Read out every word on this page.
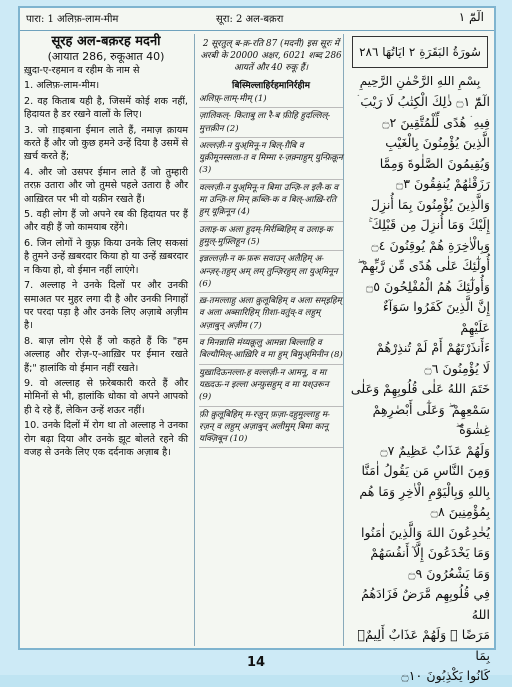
पारा: 1 अलिफ़-लाम-मीम	सूरा: 2 अल-बक़रा	الٓمّٓ ١

सूरह अल-बक़रह मदनी

(आयात 286, रुकूआत 40)

ख़ुदा-ए-रहमान व रहीम के नाम से

1. अलिफ़-लाम-मीम।

2. वह किताब यही है, जिसमें कोई शक नहीं, हिदायत है डर रखने वालों के लिए।

3. जो ग़ाइबाना ईमान लाते हैं, नमाज़ क़ायम करते हैं और जो कुछ हमने उन्हें दिया है उसमें से ख़र्च करते हैं;

4. और जो उसपर ईमान लाते हैं जो तुम्हारी तरफ़ उतारा और जो तुमसे पहले उतारा है और आख़िरत पर भी वो यक़ीन रखते हैं।

5. वही लोग हैं जो अपने रब की हिदायत पर हैं और वही हैं जो कामयाब रहेंगे।

6. जिन लोगों ने कुफ़्र किया उनके लिए सकसां है तुमने उन्हें ख़बरदार किया हो या उन्हें ख़बरदार न किया हो, वो ईमान नहीं लाएंगे।

7. अल्लाह ने उनके दिलों पर और उनकी समाअत पर मुहर लगा दी है और उनकी निगाहों पर परदा पड़ा है और उनके लिए अज़ाबे अज़ीम है।

8. बाज़ लोग ऐसे हैं जो कहते हैं कि "हम अल्लाह और रोज़-ए-आख़िर पर ईमान रखते हैं;" हालांकि वो ईमान नहीं रखते।

9. वो अल्लाह से फ़रेबकारी करते हैं और मोमिनों से भी, हालांकि धोका वो अपने आपको ही दे रहे हैं, लेकिन उन्हें शऊर नहीं।

10. उनके दिलों में रोग था तो अल्लाह ने उनका रोग बढ़ा दिया और उनके झूट बोलते रहने की वजह से उनके लिए एक दर्दनाक अज़ाब है।

2 सूरतुल् ब-क़-रति 87 (मदनी) इस सूरः में अरबी के 20000 अक्षर, 6021 शब्द 286 आयतें और 40 रुकू हैं।

बिस्मिल्लाहिर्रहमानिर्रहीम

अलिफ़्-लाम्-मीम् (1)

ज़ालिकल्- किताबु ला रै-ब फ़ीहि हुदल्लिल्- मुत्तक़ीन (2)

अल्लज़ी-न युअ्मिनू-न बिल्-ग़ैबि व युक़ीमूनस्सला-त व मिम्मा र-ज़क़्नाहुम् युन्फ़िक़ून (3)

वल्लज़ी-न युअ्मिनू-न बिमा उन्ज़ि-ल इलै-क व मा उन्ज़ि-ल मिन् क़ब्लि-क व बिल्-आख़ि-रति हुम् यूक़िनून (4)

उलाइ-क अला हुदम्-मिर्रब्बिहिम् व उलाइ-क हुमुल्-मुफ़्लिहून (5)

इन्नल्लज़ी-न क-फ़रू सवाउन् अलैहिम् अ-अन्ज़र्-तहुम् अम् लम् तुन्ज़िरहुम् ला युअ्मिनून (6)

ख़-तमल्लाहु अला क़ुलूबिहिम् व अला सम्इहिम् व अला अब्सारिहिम् ग़िशा-वतुंव्-व लहुम् अज़ाबुन् अज़ीम (7)

व मिनन्नासि मंय्यक़ूलु आमन्ना बिल्लाहि व बिल्यौमिल्-आख़िरि व मा हुम् बिमुअ्मिनीन (8)

युख़ादिऊनल्ला-ह वल्लज़ी-न आमनू, व मा यख़्दऊ-न इल्ला अन्फ़ुसहुम् व मा यश्उरून (9)

फ़ी क़ुलूबिहिम् म-रज़ुन् फ़ज़ा-दहुमुल्लाहु म-रज़न् व लहुम् अज़ाबुन् अलीमुम् बिमा कानू यक्ज़िबून (10)

سُورَةُ البَقَرَةِ ٢ ايَاتُهَا ٢٨٦

بِسْمِ اللهِ الرَّحْمٰنِ الرَّحِيمِ

الٓمّٓ ۝١ ذٰلِكَ الْكِتٰبُ لَا رَيْبَ ۛ

فِيهِ ۛ هُدًى لِّلْمُتَّقِينَ ۝٢

الَّذِينَ يُؤْمِنُونَ بِالْغَيْبِ

وَيُقِيمُونَ الصَّلٰوةَ وَمِمَّا

رَزَقْنٰهُمْ يُنفِقُونَ ۝٣

وَالَّذِينَ يُؤْمِنُونَ بِمَا أُنزِلَ

إِلَيْكَ وَمَا أُنزِلَ مِن قَبْلِكَ ۚ

وَبِالْاٰخِرَةِ هُمْ يُوقِنُونَ ۝٤

أُولٰٓئِكَ عَلٰى هُدًى مِّن رَّبِّهِمْ ۖ

وَأُولٰٓئِكَ هُمُ الْمُفْلِحُونَ ۝٥

إِنَّ الَّذِينَ كَفَرُوا سَوَآءٌ عَلَيْهِمْ

ءَأَنذَرْتَهُمْ أَمْ لَمْ تُنذِرْهُمْ

لَا يُؤْمِنُونَ ۝٦

خَتَمَ اللهُ عَلٰى قُلُوبِهِمْ وَعَلٰى

سَمْعِهِمْ ۖ وَعَلٰٓى أَبْصٰرِهِمْ غِشٰوَةٌ ۖ

وَلَهُمْ عَذَابٌ عَظِيمٌ ۝٧

وَمِنَ النَّاسِ مَن يَقُولُ اٰمَنَّا

بِاللهِ وَبِالْيَوْمِ الْاٰخِرِ وَمَا هُم

بِمُؤْمِنِينَ ۝٨

يُخٰدِعُونَ اللهَ وَالَّذِينَ اٰمَنُوا

وَمَا يَخْدَعُونَ إِلَّآ أَنفُسَهُمْ

وَمَا يَشْعُرُونَ ۝٩

فِي قُلُوبِهِم مَّرَضٌ فَزَادَهُمُ اللهُ

مَرَضًا ۖ وَلَهُمْ عَذَابٌ أَلِيمٌۢ بِمَا

كَانُوا يَكْذِبُونَ ۝١٠

14
